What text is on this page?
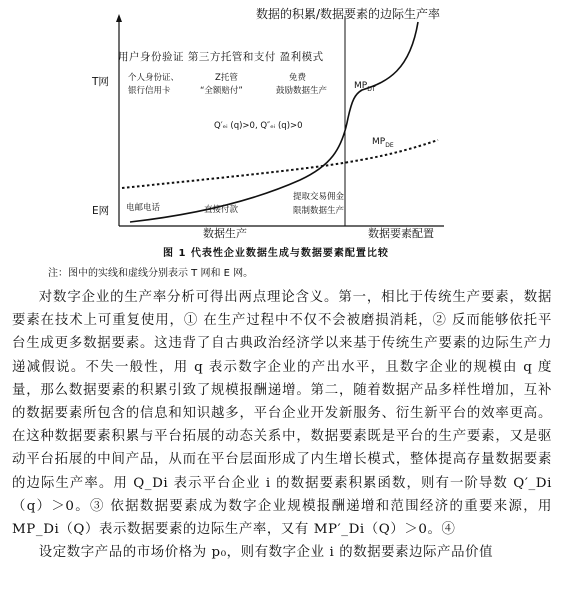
数据的积累/数据要素的边际生产率
用户身份验证 第三方托管和支付 盈利模式
T网
E网
个人身份证、
银行信用卡
Z托管
“全额赔付”
免费
鼓励数据生产	$MP_{DT}$
$MP_{DE}$
Q′ₑᵢ (q)>0, Q″ₑᵢ (q)>0
电邮电话	直接付款
提取交易佣金
限制数据生产
数据生产	数据要素配置
图 1 代表性企业数据生成与数据要素配置比较
注：图中的实线和虚线分别表示 T 网和 E 网。

对数字企业的生产率分析可得出两点理论含义。第一，相比于传统生产要素，数据要素在技术上可重复使用，① 在生产过程中不仅不会被磨损消耗，② 反而能够依托平台生成更多数据要素。这违背了自古典政治经济学以来基于传统生产要素的边际生产力递减假说。不失一般性，用 q 表示数字企业的产出水平，且数字企业的规模由 q 度量，那么数据要素的积累引致了规模报酬递增。第二，随着数据产品多样性增加，互补的数据要素所包含的信息和知识越多，平台企业开发新服务、衍生新平台的效率更高。在这种数据要素积累与平台拓展的动态关系中，数据要素既是平台的生产要素，又是驱动平台拓展的中间产品，从而在平台层面形成了内生增长模式，整体提高存量数据要素的边际生产率。用 Q_Di 表示平台企业 i 的数据要素积累函数，则有一阶导数 Q′_Di（q）＞0。③ 依据数据要素成为数字企业规模报酬递增和范围经济的重要来源，用 MP_Di（Q）表示数据要素的边际生产率，又有 MP′_Di（Q）＞0。④

设定数字产品的市场价格为 p₀，则有数字企业 i 的数据要素边际产品价值
